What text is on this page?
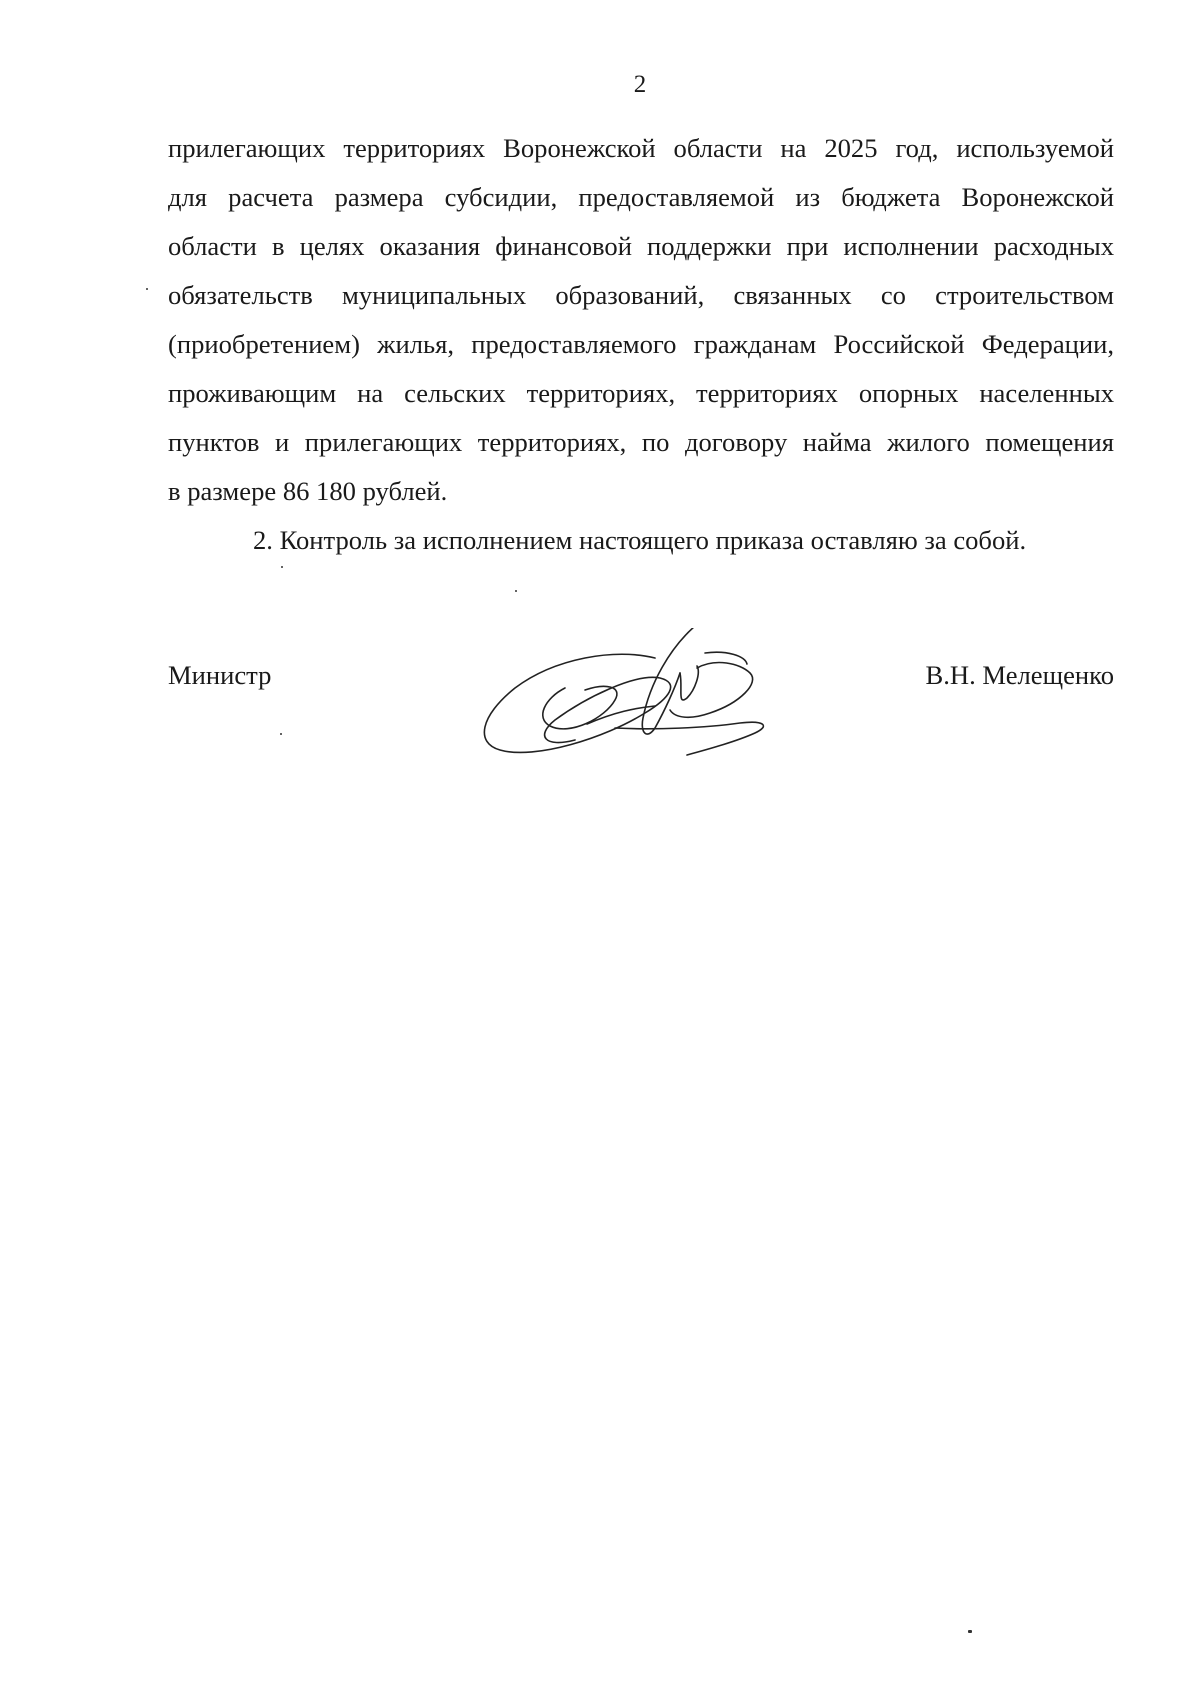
2
прилегающих территориях Воронежской области на 2025 год, используемой
для расчета размера субсидии, предоставляемой из бюджета Воронежской
области в целях оказания финансовой поддержки при исполнении расходных
обязательств муниципальных образований, связанных со строительством
(приобретением) жилья, предоставляемого гражданам Российской Федерации,
проживающим на сельских территориях, территориях опорных населенных
пунктов и прилегающих территориях, по договору найма жилого помещения
в размере 86 180 рублей.
2. Контроль за исполнением настоящего приказа оставляю за собой.
Министр	В.Н. Мелещенко
